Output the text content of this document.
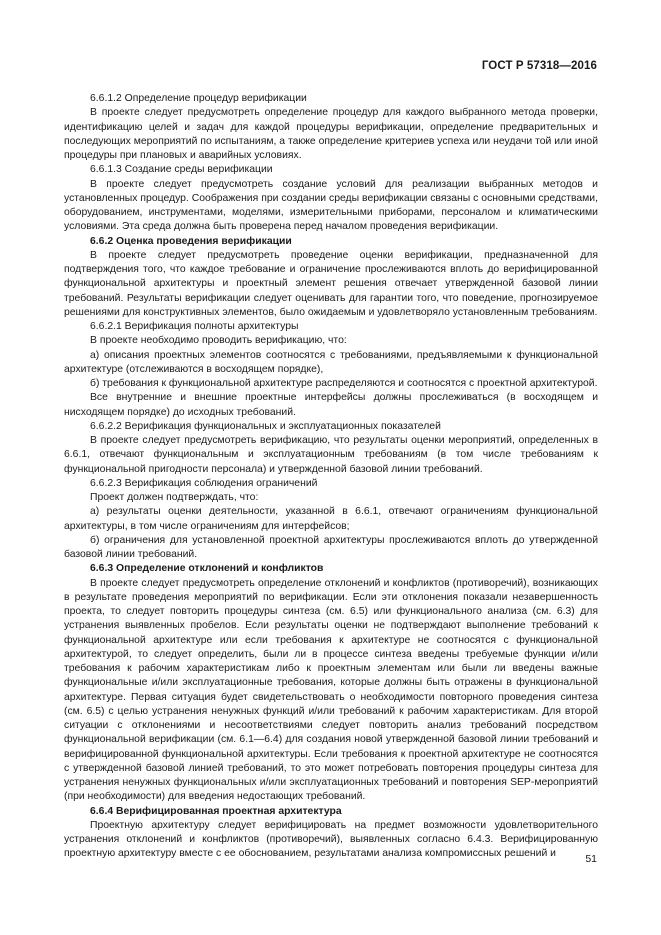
ГОСТ Р 57318—2016

6.6.1.2 Определение процедур верификации

В проекте следует предусмотреть определение процедур для каждого выбранного метода проверки, идентификацию целей и задач для каждой процедуры верификации, определение предварительных и последующих мероприятий по испытаниям, а также определение критериев успеха или неудачи той или иной процедуры при плановых и аварийных условиях.

6.6.1.3 Создание среды верификации

В проекте следует предусмотреть создание условий для реализации выбранных методов и установленных процедур. Соображения при создании среды верификации связаны с основными средствами, оборудованием, инструментами, моделями, измерительными приборами, персоналом и климатическими условиями. Эта среда должна быть проверена перед началом проведения верификации.

6.6.2 Оценка проведения верификации

В проекте следует предусмотреть проведение оценки верификации, предназначенной для подтверждения того, что каждое требование и ограничение прослеживаются вплоть до верифицированной функциональной архитектуры и проектный элемент решения отвечает утвержденной базовой линии требований. Результаты верификации следует оценивать для гарантии того, что поведение, прогнозируемое решениями для конструктивных элементов, было ожидаемым и удовлетворяло установленным требованиям.

6.6.2.1 Верификация полноты архитектуры

В проекте необходимо проводить верификацию, что:

а) описания проектных элементов соотносятся с требованиями, предъявляемыми к функциональной архитектуре (отслеживаются в восходящем порядке),

б) требования к функциональной архитектуре распределяются и соотносятся с проектной архитектурой.

Все внутренние и внешние проектные интерфейсы должны прослеживаться (в восходящем и нисходящем порядке) до исходных требований.

6.6.2.2 Верификация функциональных и эксплуатационных показателей

В проекте следует предусмотреть верификацию, что результаты оценки мероприятий, определенных в 6.6.1, отвечают функциональным и эксплуатационным требованиям (в том числе требованиям к функциональной пригодности персонала) и утвержденной базовой линии требований.

6.6.2.3 Верификация соблюдения ограничений

Проект должен подтверждать, что:

а) результаты оценки деятельности, указанной в 6.6.1, отвечают ограничениям функциональной архитектуры, в том числе ограничениям для интерфейсов;

б) ограничения для установленной проектной архитектуры прослеживаются вплоть до утвержденной базовой линии требований.

6.6.3 Определение отклонений и конфликтов

В проекте следует предусмотреть определение отклонений и конфликтов (противоречий), возникающих в результате проведения мероприятий по верификации. Если эти отклонения показали незавершенность проекта, то следует повторить процедуры синтеза (см. 6.5) или функционального анализа (см. 6.3) для устранения выявленных пробелов. Если результаты оценки не подтверждают выполнение требований к функциональной архитектуре или если требования к архитектуре не соотносятся с функциональной архитектурой, то следует определить, были ли в процессе синтеза введены требуемые функции и/или требования к рабочим характеристикам либо к проектным элементам или были ли введены важные функциональные и/или эксплуатационные требования, которые должны быть отражены в функциональной архитектуре. Первая ситуация будет свидетельствовать о необходимости повторного проведения синтеза (см. 6.5) с целью устранения ненужных функций и/или требований к рабочим характеристикам. Для второй ситуации с отклонениями и несоответствиями следует повторить анализ требований посредством функциональной верификации (см. 6.1—6.4) для создания новой утвержденной базовой линии требований и верифицированной функциональной архитектуры. Если требования к проектной архитектуре не соотносятся с утвержденной базовой линией требований, то это может потребовать повторения процедуры синтеза для устранения ненужных функциональных и/или эксплуатационных требований и повторения SEP-мероприятий (при необходимости) для введения недостающих требований.

6.6.4 Верифицированная проектная архитектура

Проектную архитектуру следует верифицировать на предмет возможности удовлетворительного устранения отклонений и конфликтов (противоречий), выявленных согласно 6.4.3. Верифицированную проектную архитектуру вместе с ее обоснованием, результатами анализа компромиссных решений и	51
